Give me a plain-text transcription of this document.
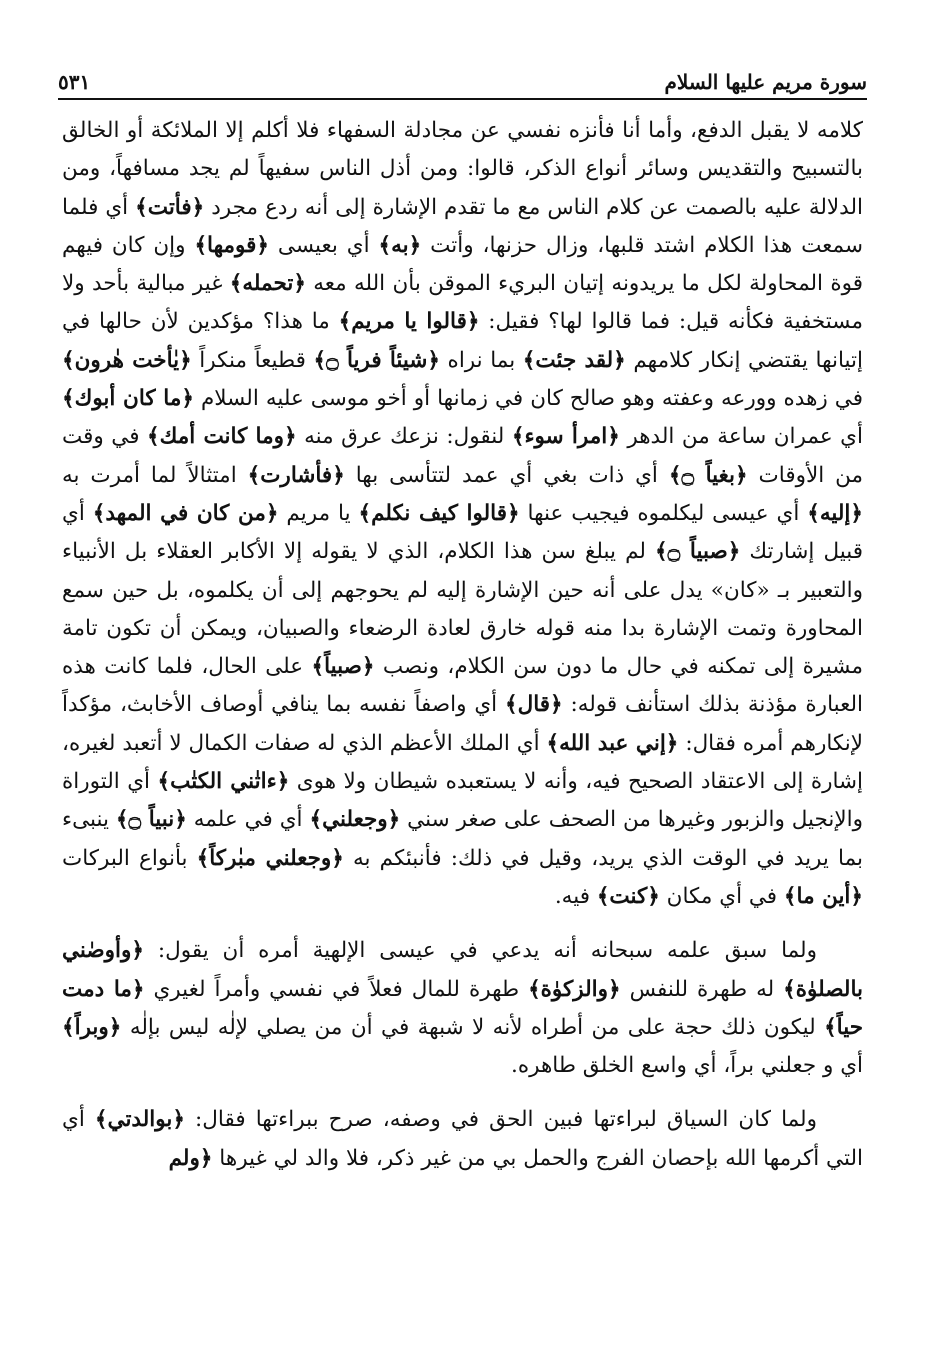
سورة مريم عليها السلام
٥٣١

كلامه لا يقبل الدفع، وأما أنا فأنزه نفسي عن مجادلة السفهاء فلا أكلم إلا الملائكة أو الخالق بالتسبيح والتقديس وسائر أنواع الذكر، قالوا: ومن أذل الناس سفيهاً لم يجد مسافهاً، ومن الدلالة عليه بالصمت عن كلام الناس مع ما تقدم الإشارة إلى أنه ردع مجرد ﴿فأتت﴾ أي فلما سمعت هذا الكلام اشتد قلبها، وزال حزنها، وأتت ﴿به﴾ أي بعيسى ﴿قومها﴾ وإن كان فيهم قوة المحاولة لكل ما يريدونه إتيان البريء الموقن بأن الله معه ﴿تحمله﴾ غير مبالية بأحد ولا مستخفية فكأنه قيل: فما قالوا لها؟ فقيل: ﴿قالوا يا مريم﴾ ما هذا؟ مؤكدين لأن حالها في إتيانها يقتضي إنكار كلامهم ﴿لقد جئت﴾ بما نراه ﴿شيئاً فرياً ۝﴾ قطيعاً منكراً ﴿يٰأخت هٰرون﴾ في زهده وورعه وعفته وهو صالح كان في زمانها أو أخو موسى عليه السلام ﴿ما كان أبوك﴾ أي عمران ساعة من الدهر ﴿امرأ سوء﴾ لنقول: نزعك عرق منه ﴿وما كانت أمك﴾ في وقت من الأوقات ﴿بغياً ۝﴾ أي ذات بغي أي عمد لتتأسى بها ﴿فأشارت﴾ امتثالاً لما أمرت به ﴿إليه﴾ أي عيسى ليكلموه فيجيب عنها ﴿قالوا كيف نكلم﴾ يا مريم ﴿من كان في المهد﴾ أي قبيل إشارتك ﴿صبياً ۝﴾ لم يبلغ سن هذا الكلام، الذي لا يقوله إلا الأكابر العقلاء بل الأنبياء والتعبير بـ «كان» يدل على أنه حين الإشارة إليه لم يحوجهم إلى أن يكلموه، بل حين سمع المحاورة وتمت الإشارة بدا منه قوله خارق لعادة الرضعاء والصبيان، ويمكن أن تكون تامة مشيرة إلى تمكنه في حال ما دون سن الكلام، ونصب ﴿صبياً﴾ على الحال، فلما كانت هذه العبارة مؤذنة بذلك استأنف قوله: ﴿قال﴾ أي واصفاً نفسه بما ينافي أوصاف الأخابث، مؤكداً لإنكارهم أمره فقال: ﴿إني عبد الله﴾ أي الملك الأعظم الذي له صفات الكمال لا أتعبد لغيره، إشارة إلى الاعتقاد الصحيح فيه، وأنه لا يستعبده شيطان ولا هوى ﴿ءاتٰني الكتٰب﴾ أي التوراة والإنجيل والزبور وغيرها من الصحف على صغر سني ﴿وجعلني﴾ أي في علمه ﴿نبياً ۝﴾ ينبىء بما يريد في الوقت الذي يريد، وقيل في ذلك: فأنبئكم به ﴿وجعلني مبٰركاً﴾ بأنواع البركات ﴿أين ما﴾ في أي مكان ﴿كنت﴾ فيه.

ولما سبق علمه سبحانه أنه يدعي في عيسى الإلهية أمره أن يقول: ﴿وأوصٰني بالصلوٰة﴾ له طهرة للنفس ﴿والزكوٰة﴾ طهرة للمال فعلاً في نفسي وأمراً لغيري ﴿ما دمت حياً﴾ ليكون ذلك حجة على من أطراه لأنه لا شبهة في أن من يصلي لإلٰه ليس بإلٰه ﴿وبراً﴾ أي و جعلني براً، أي واسع الخلق طاهره.

ولما كان السياق لبراءتها فبين الحق في وصفه، صرح ببراءتها فقال: ﴿بوالدتي﴾ أي التي أكرمها الله بإحصان الفرج والحمل بي من غير ذكر، فلا والد لي غيرها ﴿ولم
